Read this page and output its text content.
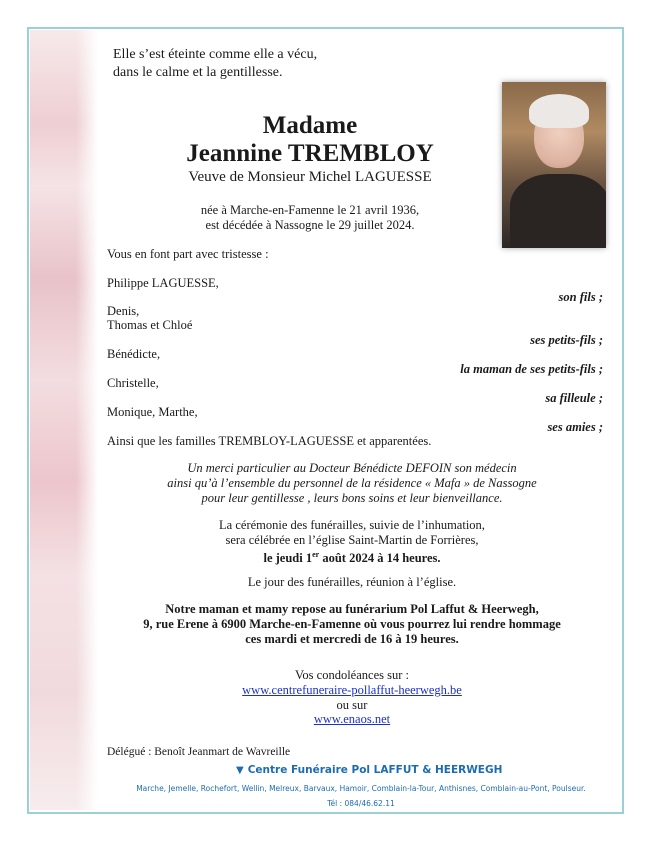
Elle s’est éteinte comme elle a vécu,
dans le calme et la gentillesse.
Madame
Jeannine TREMBLOY
Veuve de Monsieur Michel LAGUESSE
née à Marche-en-Famenne le 21 avril 1936,
est décédée à Nassogne le 29 juillet 2024.
Vous en font part avec tristesse :
Philippe LAGUESSE,
son fils ;
Denis,
Thomas et Chloé
ses petits-fils ;
Bénédicte,
la maman de ses petits-fils ;
Christelle,
sa filleule ;
Monique, Marthe,
ses amies ;
Ainsi que les familles TREMBLOY-LAGUESSE et apparentées.
Un merci particulier au Docteur Bénédicte DEFOIN son médecin
ainsi qu’à l’ensemble du personnel de la résidence « Mafa » de Nassogne
pour leur gentillesse , leurs bons soins et leur bienveillance.
La cérémonie des funérailles, suivie de l’inhumation,
sera célébrée en l’église Saint-Martin de Forrières,
le jeudi 1er août 2024 à 14 heures.
Le jour des funérailles, réunion à l’église.
Notre maman et mamy repose au funérarium Pol Laffut & Heerwegh,
9, rue Erene à 6900 Marche-en-Famenne où vous pourrez lui rendre hommage
ces mardi et mercredi de 16 à 19 heures.
Vos condoléances sur :
www.centrefuneraire-pollaffut-heerwegh.be
ou sur
www.enaos.net
Délégué : Benoît Jeanmart de Wavreille
▼ Centre Funéraire Pol LAFFUT & HEERWEGH
Marche, Jemelle, Rochefort, Wellin, Melreux, Barvaux, Hamoir, Comblain-la-Tour, Anthisnes, Comblain-au-Pont, Poulseur.
Tél : 084/46.62.11
